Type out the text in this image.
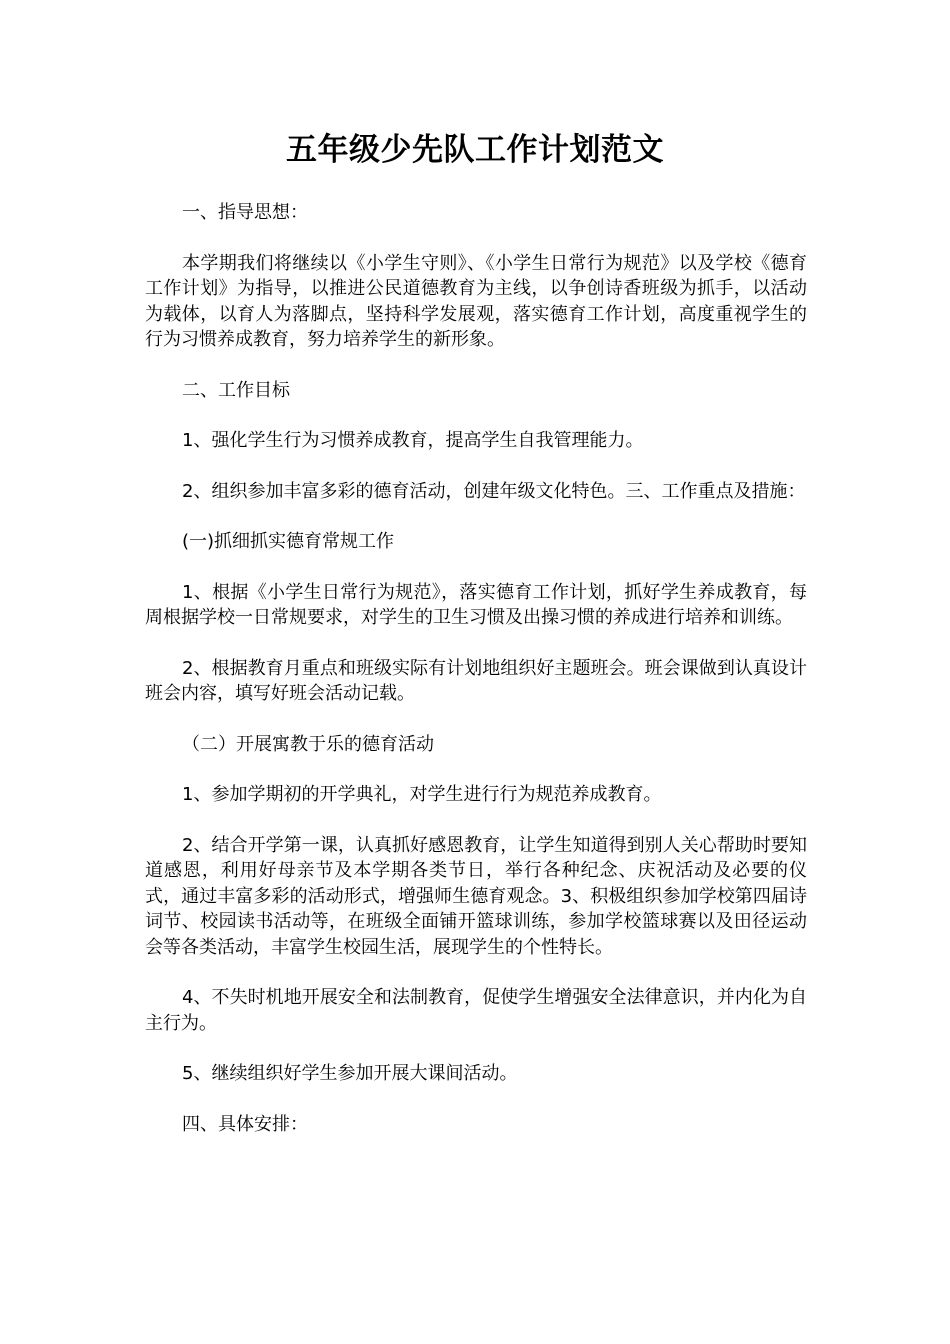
五年级少先队工作计划范文

一、指导思想：

本学期我们将继续以《小学生守则》、《小学生日常行为规范》以及学校《德育工作计划》为指导，以推进公民道德教育为主线，以争创诗香班级为抓手，以活动为载体，以育人为落脚点，坚持科学发展观，落实德育工作计划，高度重视学生的行为习惯养成教育，努力培养学生的新形象。

二、工作目标

1、强化学生行为习惯养成教育，提高学生自我管理能力。

2、组织参加丰富多彩的德育活动，创建年级文化特色。三、工作重点及措施：

(一)抓细抓实德育常规工作

1、根据《小学生日常行为规范》，落实德育工作计划，抓好学生养成教育，每周根据学校一日常规要求，对学生的卫生习惯及出操习惯的养成进行培养和训练。

2、根据教育月重点和班级实际有计划地组织好主题班会。班会课做到认真设计班会内容，填写好班会活动记载。

（二）开展寓教于乐的德育活动

1、参加学期初的开学典礼，对学生进行行为规范养成教育。

2、结合开学第一课，认真抓好感恩教育，让学生知道得到别人关心帮助时要知道感恩，利用好母亲节及本学期各类节日，举行各种纪念、庆祝活动及必要的仪式，通过丰富多彩的活动形式，增强师生德育观念。3、积极组织参加学校第四届诗词节、校园读书活动等，在班级全面铺开篮球训练，参加学校篮球赛以及田径运动会等各类活动，丰富学生校园生活，展现学生的个性特长。

4、不失时机地开展安全和法制教育，促使学生增强安全法律意识，并内化为自主行为。

5、继续组织好学生参加开展大课间活动。

四、具体安排：
